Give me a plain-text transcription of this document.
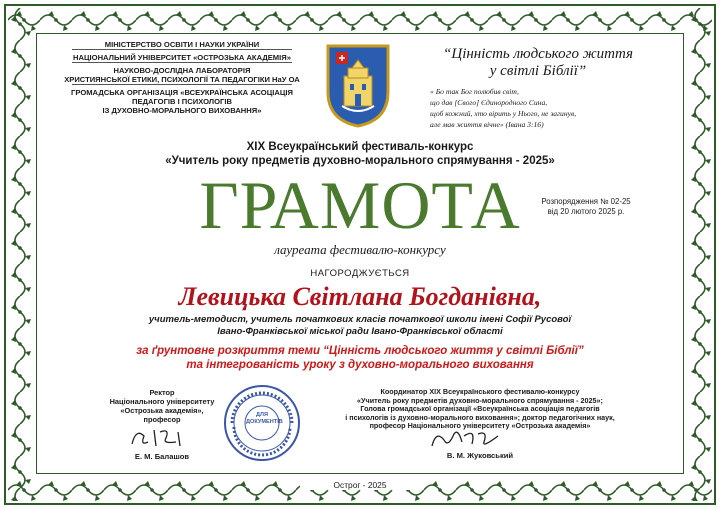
МІНІСТЕРСТВО ОСВІТИ І НАУКИ УКРАЇНИ
НАЦІОНАЛЬНИЙ УНІВЕРСИТЕТ «ОСТРОЗЬКА АКАДЕМІЯ»
НАУКОВО-ДОСЛІДНА ЛАБОРАТОРІЯ
ХРИСТИЯНСЬКОЇ ЕТИКИ, ПСИХОЛОГІЇ ТА ПЕДАГОГІКИ НаУ ОА
ГРОМАДСЬКА ОРГАНІЗАЦІЯ «ВСЕУКРАЇНСЬКА АСОЦІАЦІЯ
ПЕДАГОГІВ І ПСИХОЛОГІВ
ІЗ ДУХОВНО-МОРАЛЬНОГО ВИХОВАННЯ»
“Цінність людського життя
у світлі Біблії”
« Бо так Бог полюбив світ,
що дав [Свого] Єдинородного Сина,
щоб кожний, хто вірить у Нього, не загинув,
але мав життя вічне» (Івана 3:16)
XIX Всеукраїнський фестиваль-конкурс
«Учитель року предметів духовно-морального спрямування - 2025»
ГРАМОТА
лауреата фестивалю-конкурсу
Розпорядження № 02-25
від 20 лютого 2025 р.
НАГОРОДЖУЄТЬСЯ
Левицька Світлана Богданівна,
учитель-методист, учитель початкових класів початкової школи імені Софії Русової
Івано-Франківської міської ради Івано-Франківської області
за ґрунтовне розкриття теми “Цінність людського життя у світлі Біблії”
та інтегрованість уроку з духовно-морального виховання
Ректор
Національного університету
«Острозька академія»,
професор
Е. М. Балашов
ДЛЯ ДОКУМЕНТІВ
Координатор XIX Всеукраїнського фестивалю-конкурсу
«Учитель року предметів духовно-морального спрямування - 2025»;
Голова громадської організації «Всеукраїнська асоціація педагогів
і психологів із духовно-морального виховання»; доктор педагогічних наук,
професор Національного університету «Острозька академія»
В. М. Жуковський
Острог - 2025
